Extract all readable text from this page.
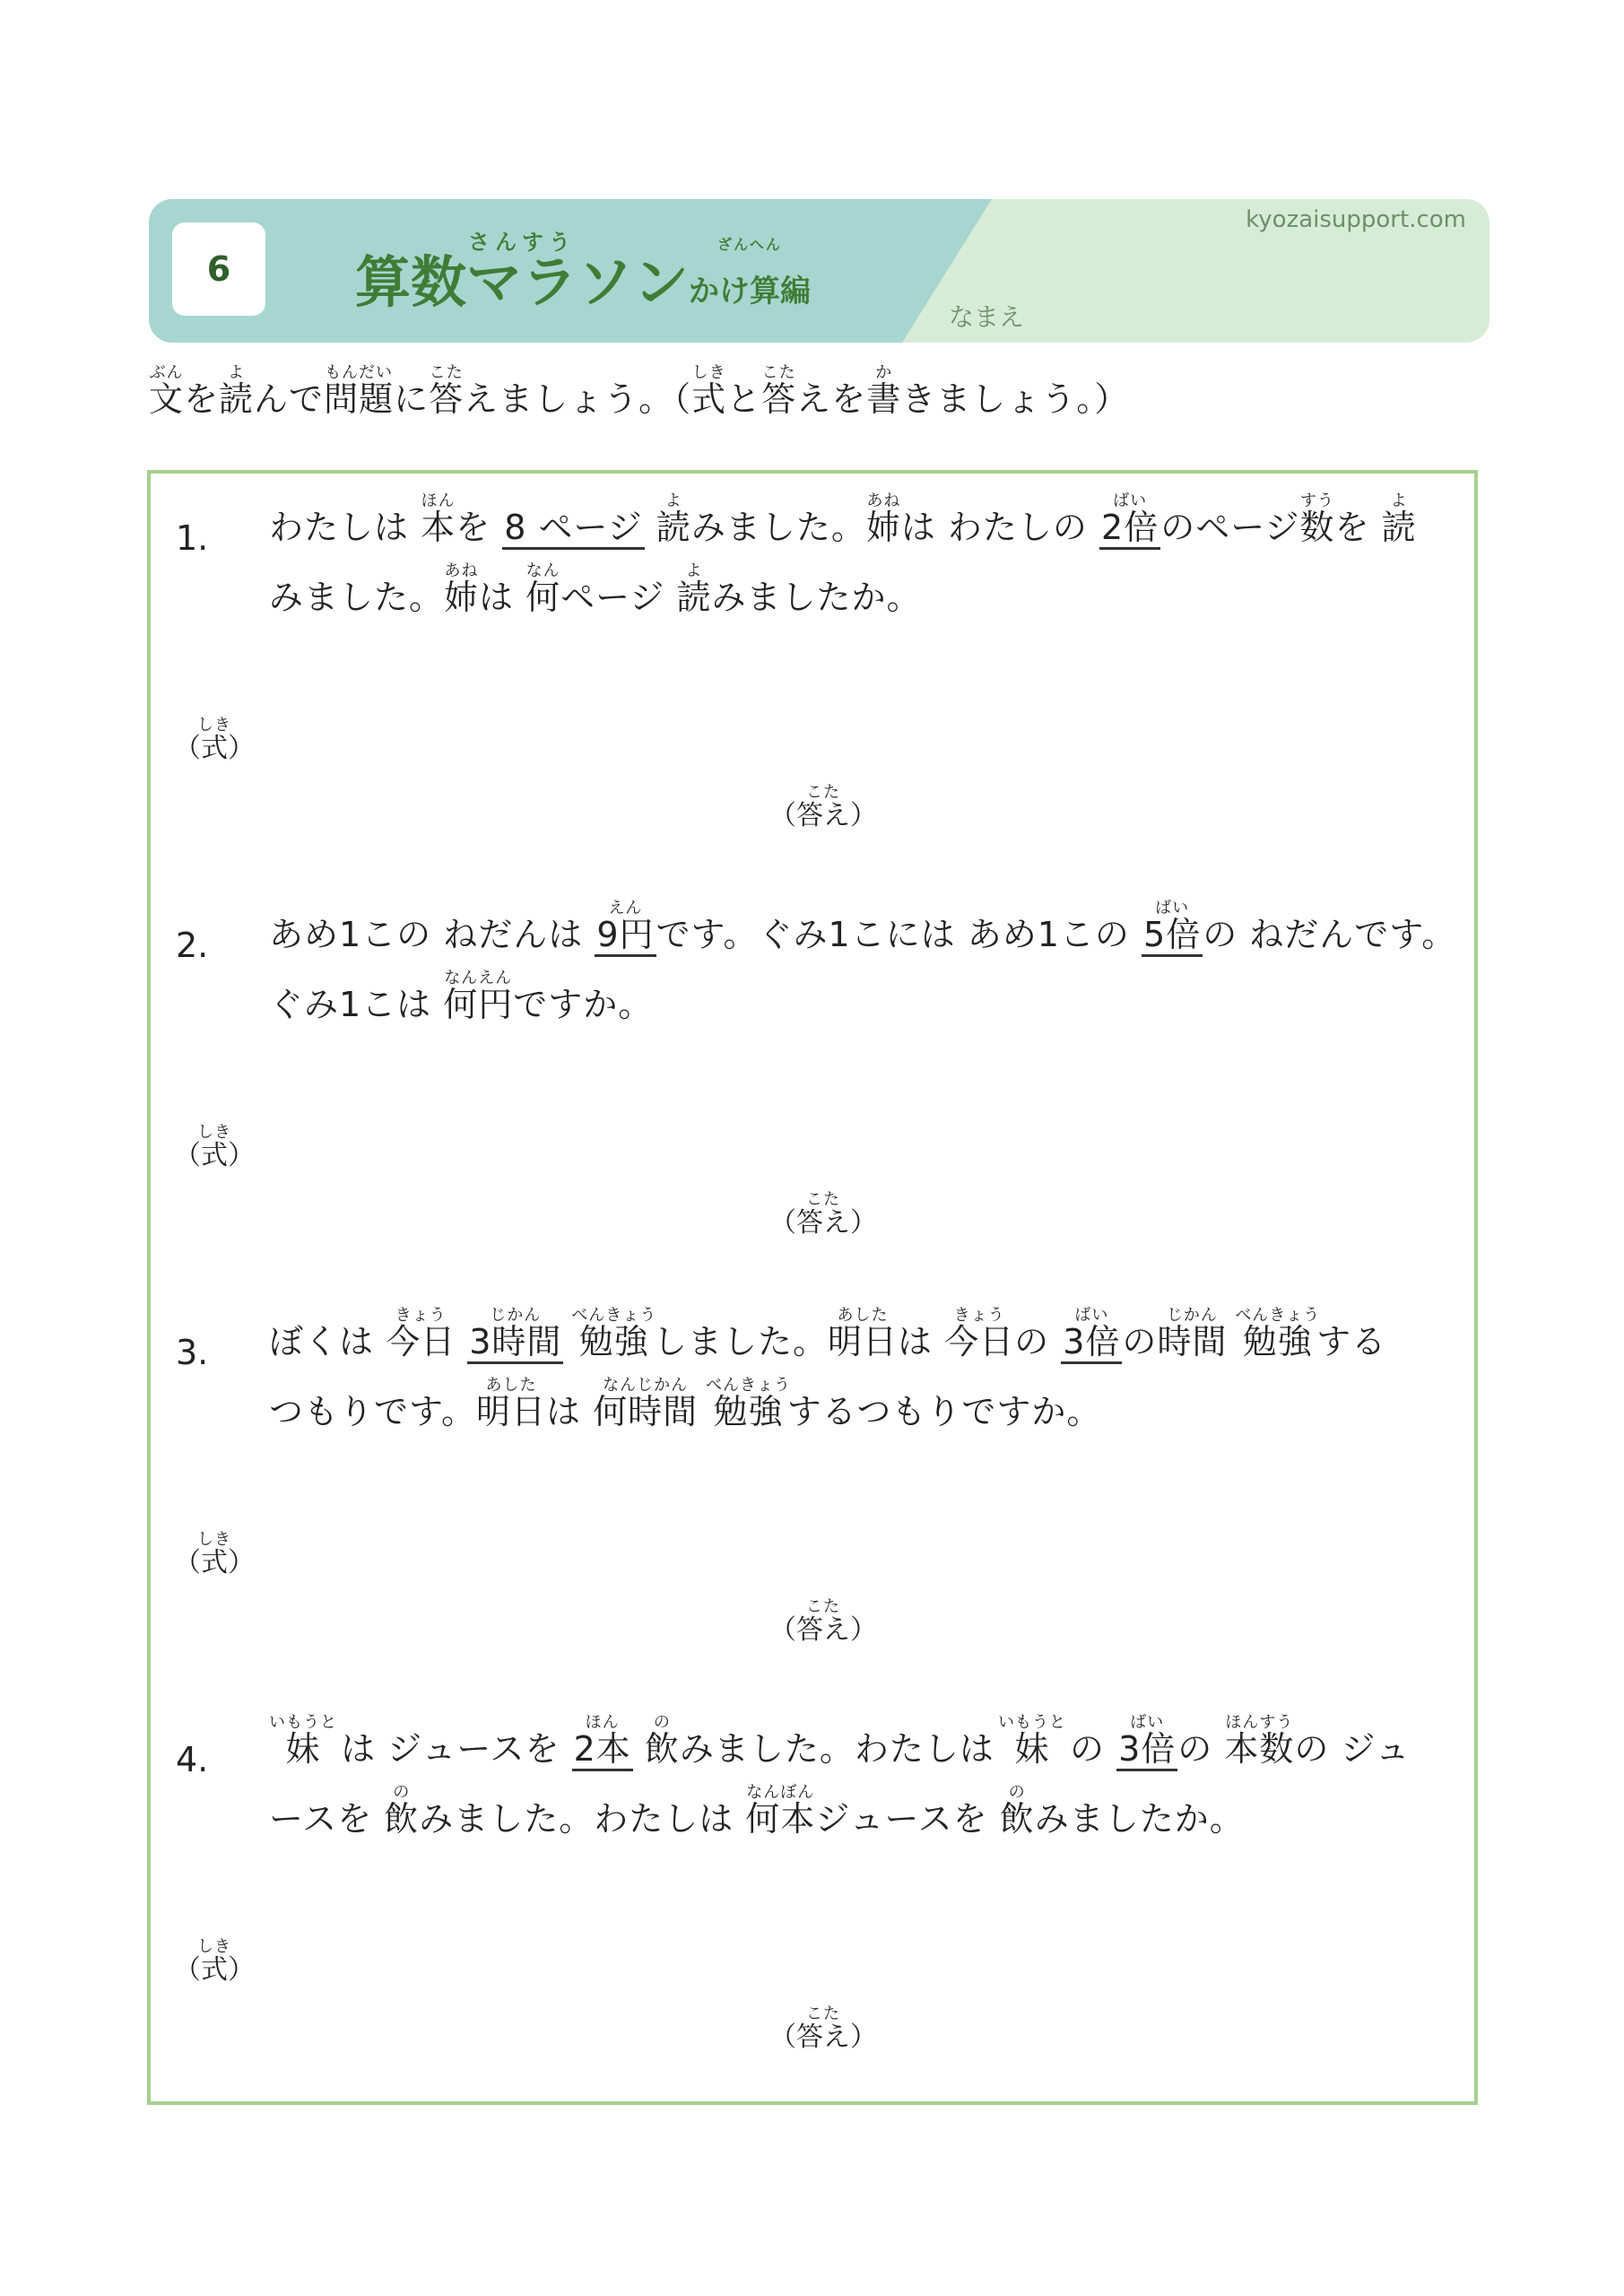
6	算数マラソンさんすうかけ算編ざんへん
kyozaisupport.com
なまえ
文ぶんを読よんで問題もんだいに答こたえましょう。（式しきと答こたえを書かきましょう。）
1. わたしは 本ほんを 8 ページ 読よみました。姉あねは わたしの 2倍ばいのページ数すうを 読よ
みました。姉あねは 何なんページ 読よみましたか。
（式）しき
（答え）こた
2. あめ1この ねだんは 9円えんです。ぐみ1こには あめ1この 5倍ばいの ねだんです。
ぐみ1こは 何円なんえんですか。
（式）しき
（答え）こた
3. ぼくは 今日きょう 3時間じかん 勉強べんきょうしました。明日あしたは 今日きょうの 3倍ばいの時間じかん 勉強べんきょうする
つもりです。明日あしたは 何時間なんじかん 勉強べんきょうするつもりですか。
（式）しき
（答え）こた
4. 妹いもうと は ジュースを 2本ほん 飲のみました。わたしは 妹いもうと の 3倍ばいの 本数ほんすうの ジュ
ースを 飲のみました。わたしは 何本なんぼんジュースを 飲のみましたか。
（式）しき
（答え）こた
